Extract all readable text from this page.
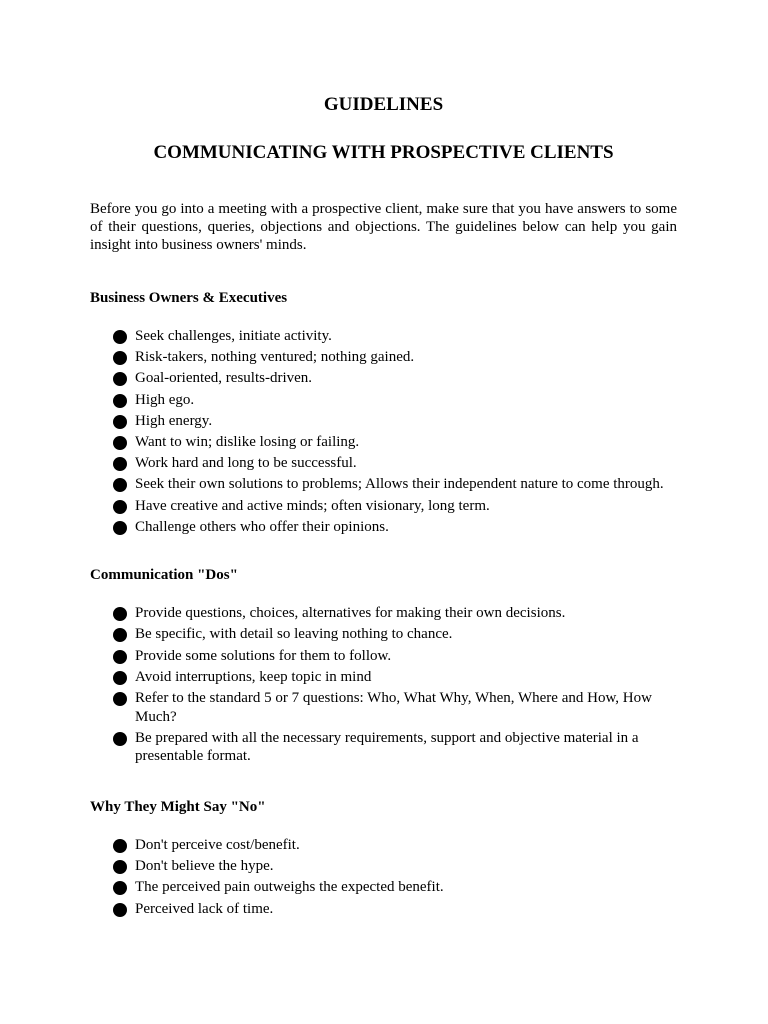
GUIDELINES
COMMUNICATING WITH PROSPECTIVE CLIENTS

Before you go into a meeting with a prospective client, make sure that you have answers to some of their questions, queries, objections and objections. The guidelines below can help you gain insight into business owners' minds.

Business Owners & Executives
Seek challenges, initiate activity.
Risk-takers, nothing ventured; nothing gained.
Goal-oriented, results-driven.
High ego.
High energy.
Want to win; dislike losing or failing.
Work hard and long to be successful.
Seek their own solutions to problems; Allows their independent nature to come through.
Have creative and active minds; often visionary, long term.
Challenge others who offer their opinions.
Communication "Dos"
Provide questions, choices, alternatives for making their own decisions.
Be specific, with detail so leaving nothing to chance.
Provide some solutions for them to follow.
Avoid interruptions, keep topic in mind
Refer to the standard 5 or 7 questions: Who, What Why, When, Where and How, How Much?
Be prepared with all the necessary requirements, support and objective material in a presentable format.
Why They Might Say "No"
Don't perceive cost/benefit.
Don't believe the hype.
The perceived pain outweighs the expected benefit.
Perceived lack of time.
